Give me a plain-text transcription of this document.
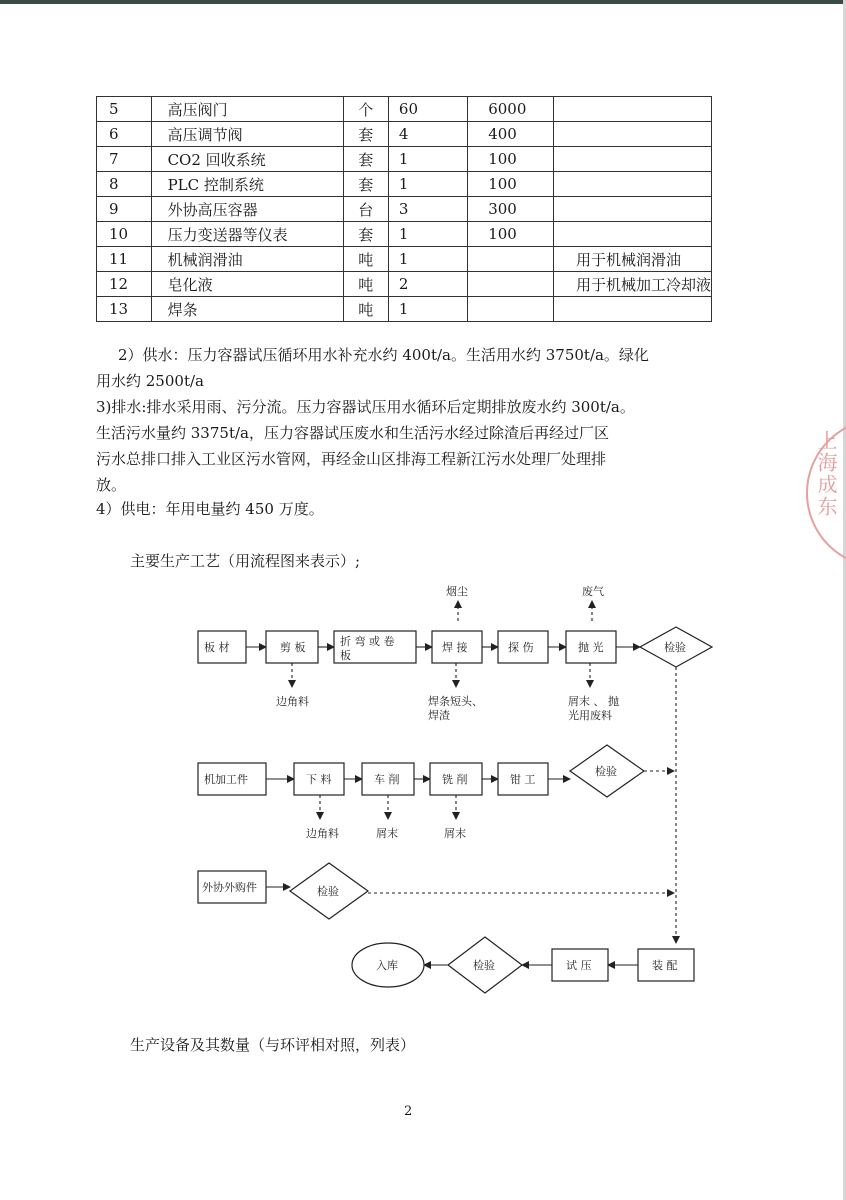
5	高压阀门	个	60	6000	
6	高压调节阀	套	4	400	
7	CO2 回收系统	套	1	100	
8	PLC 控制系统	套	1	100	
9	外协高压容器	台	3	300	
10	压力变送器等仪表	套	1	100	
11	机械润滑油	吨	1		用于机械润滑油
12	皂化液	吨	2		用于机械加工冷却液
13	焊条	吨	1		
2）供水：压力容器试压循环用水补充水约 400t/a。生活用水约 3750t/a。绿化
用水约 2500t/a
3)排水:排水采用雨、污分流。压力容器试压用水循环后定期排放废水约 300t/a。
生活污水量约 3375t/a，压力容器试压废水和生活污水经过除渣后再经过厂区
污水总排口排入工业区污水管网，再经金山区排海工程新江污水处理厂处理排
放。
4）供电：年用电量约 450 万度。
主要生产工艺（用流程图来表示）;
上海成东
板 材	剪 板	折 弯 或 卷
板
焊 接	探 伤	抛 光	检验
烟尘	废气
边角料	焊条短头、
焊渣
屑末 、 抛
光用废料
机加工件	下 料	车 削	铣 削	钳 工
检验
边角料	屑末	屑末
外协外购件	检验
入库	检验	试 压	装 配
生产设备及其数量（与环评相对照，列表）
2
